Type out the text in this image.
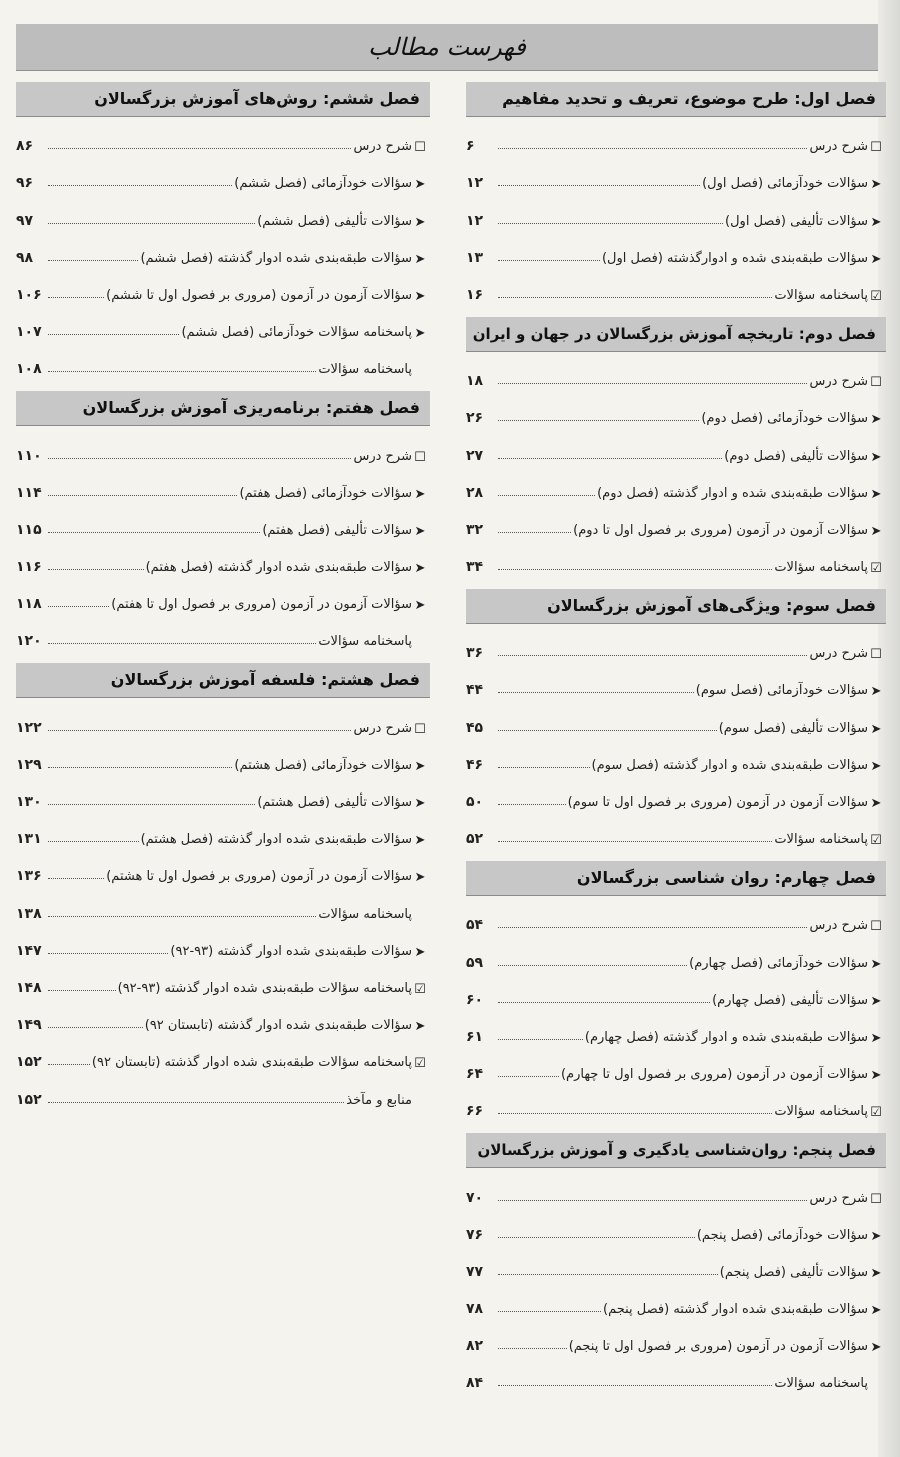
فهرست مطالب
فصل اول: طرح موضوع، تعریف و تحدید مفاهیم
☐
شرح درس
۶
➤
سؤالات خودآزمائی (فصل اول)
۱۲
➤
سؤالات تألیفی (فصل اول)
۱۲
➤
سؤالات طبقه‌بندی شده و ادوارگذشته (فصل اول)
۱۳
☑
پاسخنامه سؤالات
۱۶
فصل دوم: تاریخچه آموزش بزرگسالان در جهان و ایران
☐
شرح درس
۱۸
➤
سؤالات خودآزمائی (فصل دوم)
۲۶
➤
سؤالات تألیفی (فصل دوم)
۲۷
➤
سؤالات طبقه‌بندی شده و ادوار گذشته (فصل دوم)
۲۸
➤
سؤالات آزمون در آزمون (مروری بر فصول اول تا دوم)
۳۲
☑
پاسخنامه سؤالات
۳۴
فصل سوم: ویژگی‌های آموزش بزرگسالان
☐
شرح درس
۳۶
➤
سؤالات خودآزمائی (فصل سوم)
۴۴
➤
سؤالات تألیفی (فصل سوم)
۴۵
➤
سؤالات طبقه‌بندی شده و ادوار گذشته (فصل سوم)
۴۶
➤
سؤالات آزمون در آزمون (مروری بر فصول اول تا سوم)
۵۰
☑
پاسخنامه سؤالات
۵۲
فصل چهارم: روان شناسی بزرگسالان
☐
شرح درس
۵۴
➤
سؤالات خودآزمائی (فصل چهارم)
۵۹
➤
سؤالات تألیفی (فصل چهارم)
۶۰
➤
سؤالات طبقه‌بندی شده و ادوار گذشته (فصل چهارم)
۶۱
➤
سؤالات آزمون در آزمون (مروری بر فصول اول تا چهارم)
۶۴
☑
پاسخنامه سؤالات
۶۶
فصل پنجم: روان‌شناسی یادگیری و آموزش بزرگسالان
☐
شرح درس
۷۰
➤
سؤالات خودآزمائی (فصل پنجم)
۷۶
➤
سؤالات تألیفی (فصل پنجم)
۷۷
➤
سؤالات طبقه‌بندی شده ادوار گذشته (فصل پنجم)
۷۸
➤
سؤالات آزمون در آزمون (مروری بر فصول اول تا پنجم)
۸۲
پاسخنامه سؤالات
۸۴
فصل ششم: روش‌های آموزش بزرگسالان
☐
شرح درس
۸۶
➤
سؤالات خودآزمائی (فصل ششم)
۹۶
➤
سؤالات تألیفی (فصل ششم)
۹۷
➤
سؤالات طبقه‌بندی شده ادوار گذشته (فصل ششم)
۹۸
➤
سؤالات آزمون در آزمون (مروری بر فصول اول تا ششم)
۱۰۶
➤
پاسخنامه سؤالات خودآزمائی (فصل ششم)
۱۰۷
پاسخنامه سؤالات
۱۰۸
فصل هفتم: برنامه‌ریزی آموزش بزرگسالان
☐
شرح درس
۱۱۰
➤
سؤالات خودآزمائی (فصل هفتم)
۱۱۴
➤
سؤالات تألیفی (فصل هفتم)
۱۱۵
➤
سؤالات طبقه‌بندی شده ادوار گذشته (فصل هفتم)
۱۱۶
➤
سؤالات آزمون در آزمون (مروری بر فصول اول تا هفتم)
۱۱۸
پاسخنامه سؤالات
۱۲۰
فصل هشتم: فلسفه آموزش بزرگسالان
☐
شرح درس
۱۲۲
➤
سؤالات خودآزمائی (فصل هشتم)
۱۲۹
➤
سؤالات تألیفی (فصل هشتم)
۱۳۰
➤
سؤالات طبقه‌بندی شده ادوار گذشته (فصل هشتم)
۱۳۱
➤
سؤالات آزمون در آزمون (مروری بر فصول اول تا هشتم)
۱۳۶
پاسخنامه سؤالات
۱۳۸
➤
سؤالات طبقه‌بندی شده ادوار گذشته (۹۳-۹۲)
۱۴۷
☑
پاسخنامه سؤالات طبقه‌بندی شده ادوار گذشته (۹۳-۹۲)
۱۴۸
➤
سؤالات طبقه‌بندی شده ادوار گذشته (تابستان ۹۲)
۱۴۹
☑
پاسخنامه سؤالات طبقه‌بندی شده ادوار گذشته (تابستان ۹۲)
۱۵۲
منابع و مآخذ
۱۵۲
